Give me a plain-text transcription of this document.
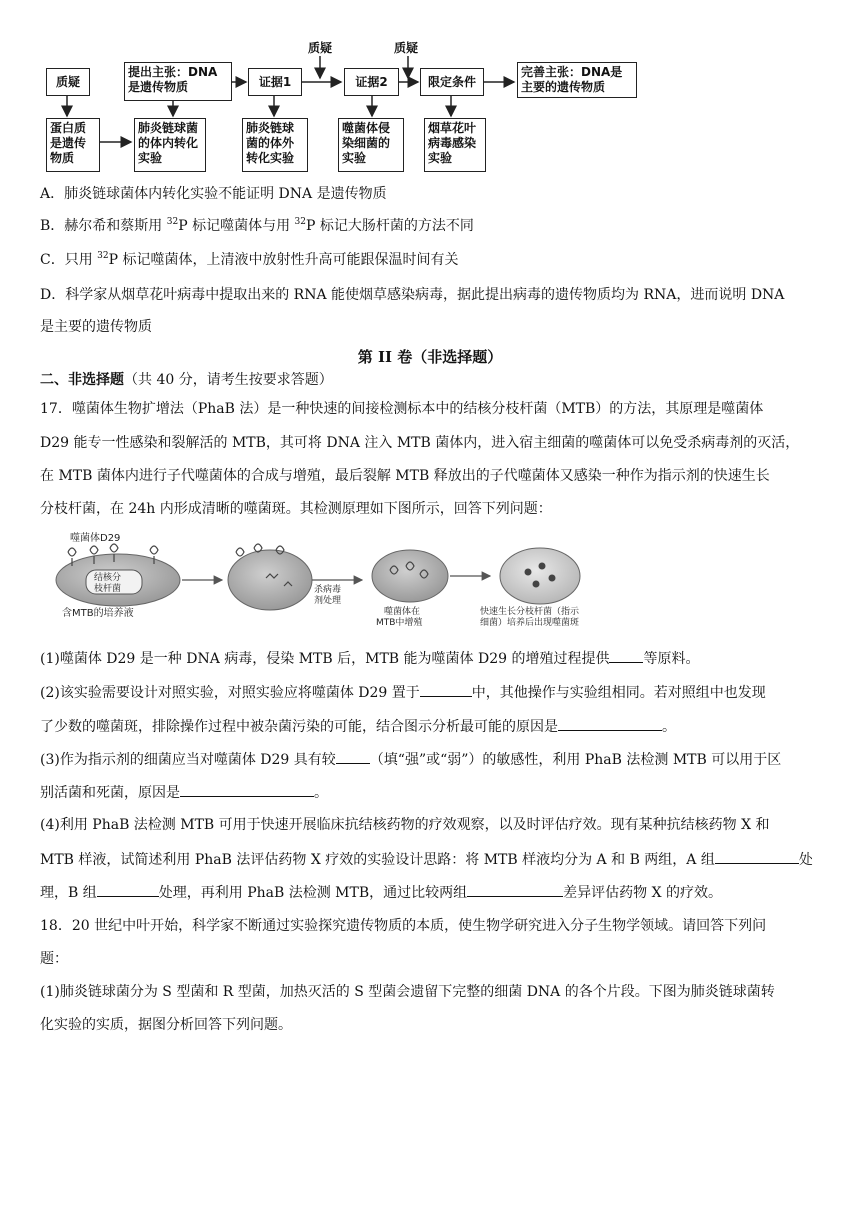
质疑	质疑
质疑
提出主张：DNA是遗传物质	证据1	证据2	限定条件
完善主张：DNA是主要的遗传物质
蛋白质是遗传物质
肺炎链球菌的体内转化实验
肺炎链球菌的体外转化实验
噬菌体侵染细菌的实验
烟草花叶病毒感染实验
A．肺炎链球菌体内转化实验不能证明 DNA 是遗传物质
B．赫尔希和蔡斯用 $^{32}$P 标记噬菌体与用 $^{32}$P 标记大肠杆菌的方法不同
C．只用 $^{32}$P 标记噬菌体，上清液中放射性升高可能跟保温时间有关
D．科学家从烟草花叶病毒中提取出来的 RNA 能使烟草感染病毒，据此提出病毒的遗传物质均为 RNA，进而说明 DNA
是主要的遗传物质
第 II 卷（非选择题）
二、非选择题（共 40 分，请考生按要求答题）
17．噬菌体生物扩增法（PhaB 法）是一种快速的间接检测标本中的结核分枝杆菌（MTB）的方法，其原理是噬菌体
D29 能专一性感染和裂解活的 MTB，其可将 DNA 注入 MTB 菌体内，进入宿主细菌的噬菌体可以免受杀病毒剂的灭活，
在 MTB 菌体内进行子代噬菌体的合成与增殖，最后裂解 MTB 释放出的子代噬菌体又感染一种作为指示剂的快速生长
分枝杆菌，在 24h 内形成清晰的噬菌斑。其检测原理如下图所示，回答下列问题：
噬菌体D29
结核分
枝杆菌
含MTB的培养液
杀病毒
剂处理
噬菌体在
MTB中增殖
快速生长分枝杆菌（指示
细菌）培养后出现噬菌斑
(1)噬菌体 D29 是一种 DNA 病毒，侵染 MTB 后，MTB 能为噬菌体 D29 的增殖过程提供 等原料。
(2)该实验需要设计对照实验，对照实验应将噬菌体 D29 置于	中，其他操作与实验组相同。若对照组中也发现
了少数的噬菌斑，排除操作过程中被杂菌污染的可能，结合图示分析最可能的原因是	。
(3)作为指示剂的细菌应当对噬菌体 D29 具有较 （填“强”或“弱”）的敏感性，利用 PhaB 法检测 MTB 可以用于区
别活菌和死菌，原因是	。
(4)利用 PhaB 法检测 MTB 可用于快速开展临床抗结核药物的疗效观察，以及时评估疗效。现有某种抗结核药物 X 和
MTB 样液，试简述利用 PhaB 法评估药物 X 疗效的实验设计思路：将 MTB 样液均分为 A 和 B 两组，A 组	处
理，B 组	处理，再利用 PhaB 法检测 MTB，通过比较两组	差异评估药物 X 的疗效。
18．20 世纪中叶开始，科学家不断通过实验探究遗传物质的本质，使生物学研究进入分子生物学领域。请回答下列问
题：
(1)肺炎链球菌分为 S 型菌和 R 型菌，加热灭活的 S 型菌会遗留下完整的细菌 DNA 的各个片段。下图为肺炎链球菌转
化实验的实质，据图分析回答下列问题。
